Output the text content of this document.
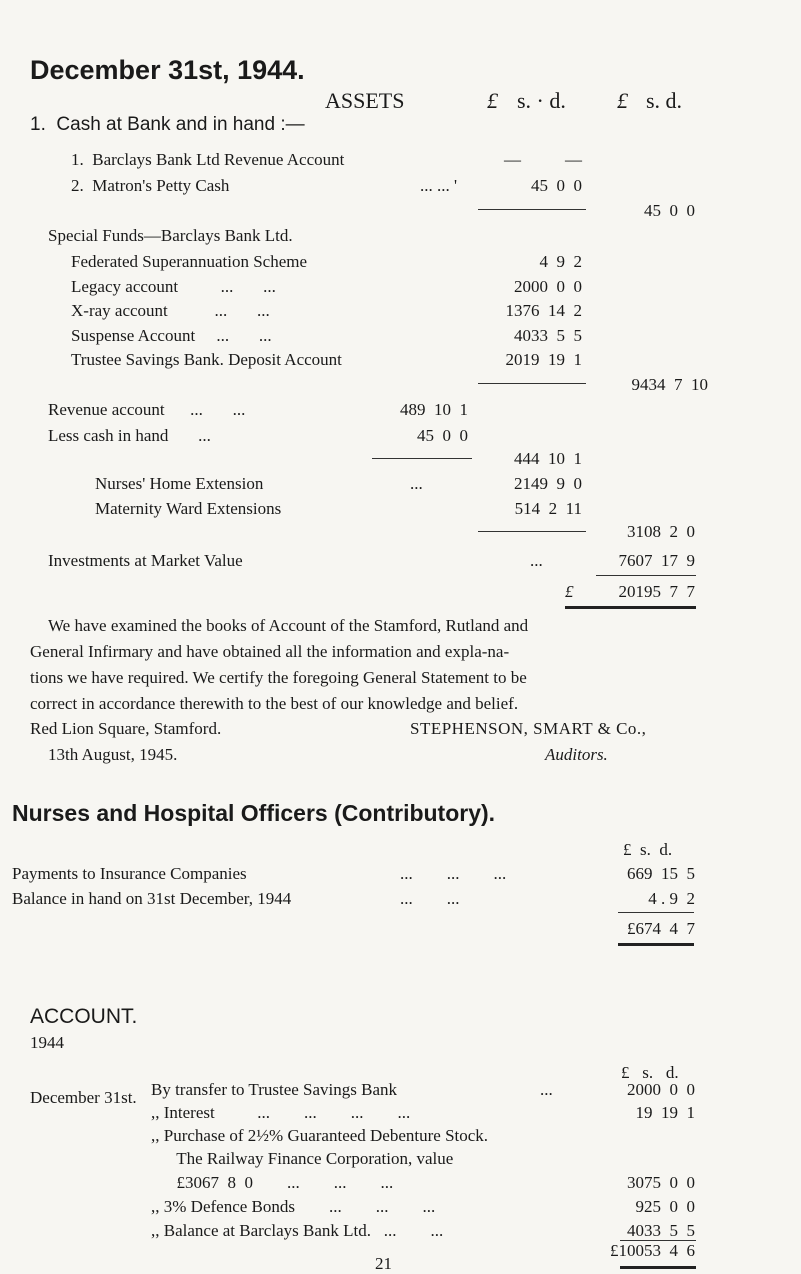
December 31st, 1944.
ASSETS	£ s. · d. £ s. d.
1.  Cash at Bank and in hand :—
1.  Barclays Bank Ltd Revenue Account	—	—
2.  Matron's Petty Cash	... ... '	45  0  0
45  0  0
Special Funds—Barclays Bank Ltd.
Federated Superannuation Scheme	4  9  2
Legacy account          ...       ...	2000  0  0
X-ray account           ...       ...	1376  14  2
Suspense Account     ...       ...	4033  5  5
Trustee Savings Bank. Deposit Account	2019  19  1
9434  7  10
Revenue account      ...       ...	489  10  1
Less cash in hand       ...	45  0  0
444  10  1
Nurses' Home Extension	...	2149  9  0
Maternity Ward Extensions	514  2  11
3108  2  0
Investments at Market Value	...	7607  17  9
£	20195  7  7
We have examined the books of Account of the Stamford, Rutland and
General Infirmary and have obtained all the information and expla-na-
tions we have required. We certify the foregoing General Statement to be
correct in accordance therewith to the best of our knowledge and belief.
Red Lion Square, Stamford.	STEPHENSON, SMART & Co.,
13th August, 1945.	Auditors.
Nurses and Hospital Officers (Contributory).
£  s.  d.
Payments to Insurance Companies	...        ...        ...	669  15  5
Balance in hand on 31st December, 1944	...        ...	4 . 9  2
£674  4  7
ACCOUNT.
1944
£   s.   d.
December 31st. By transfer to Trustee Savings Bank	...	2000  0  0
,, Interest          ...        ...        ...        ...	19  19  1
,, Purchase of 2½% Guaranteed Debenture Stock.
The Railway Finance Corporation, value
£3067  8  0        ...        ...        ...	3075  0  0
,, 3% Defence Bonds        ...        ...        ...	925  0  0
,, Balance at Barclays Bank Ltd.   ...        ...	4033  5  5
£10053  4  6
21
